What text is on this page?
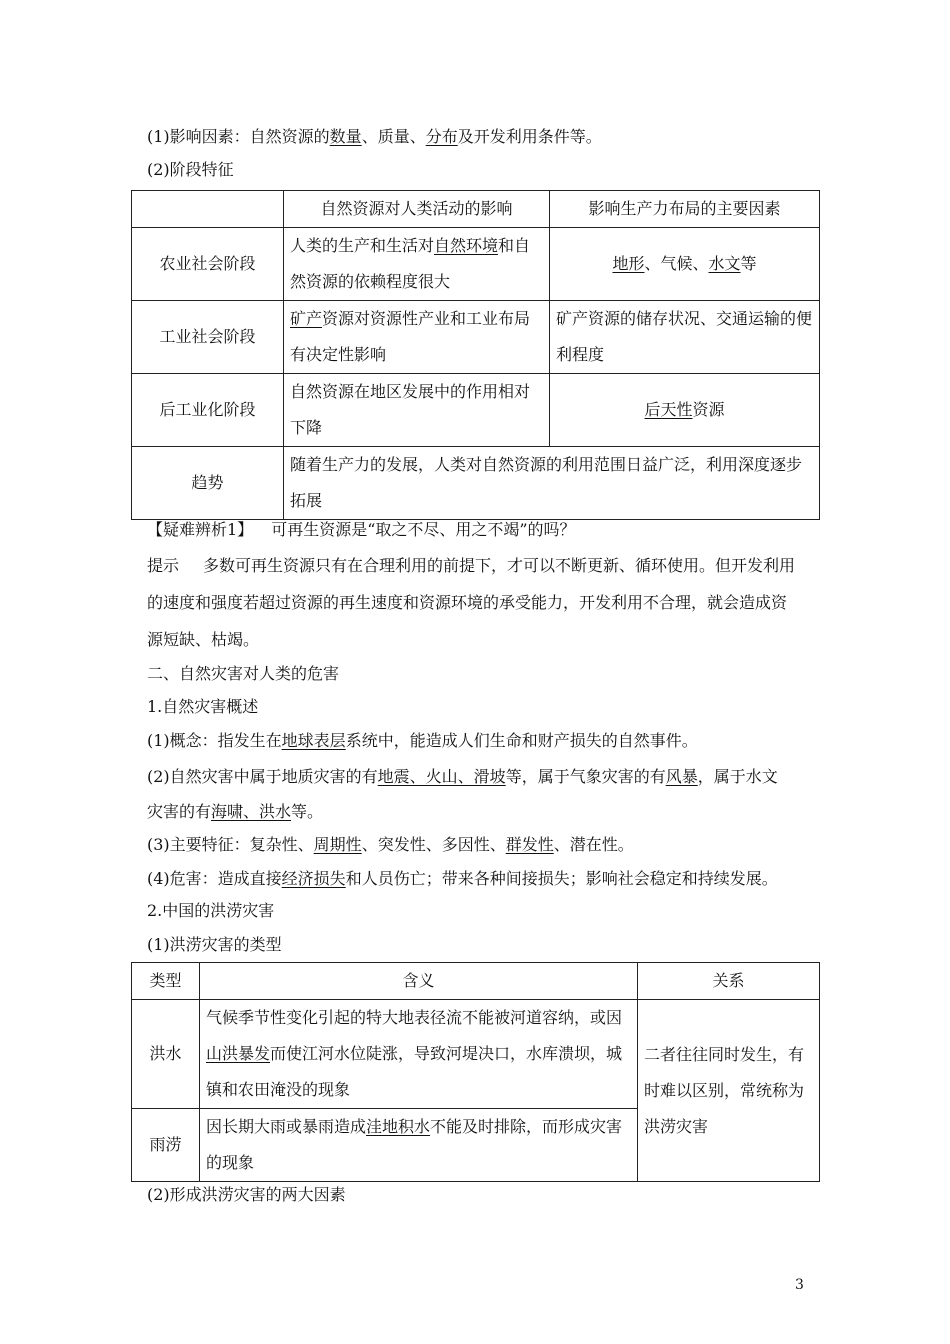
(1)影响因素：自然资源的数量、质量、分布及开发利用条件等。
(2)阶段特征
	自然资源对人类活动的影响	影响生产力布局的主要因素
农业社会阶段	人类的生产和生活对自然环境和自然资源的依赖程度很大	地形、气候、水文等
工业社会阶段	矿产资源对资源性产业和工业布局有决定性影响	矿产资源的储存状况、交通运输的便利程度
后工业化阶段	自然资源在地区发展中的作用相对下降	后天性资源
趋势	随着生产力的发展，人类对自然资源的利用范围日益广泛，利用深度逐步拓展	
【疑难辨析1】 可再生资源是“取之不尽、用之不竭”的吗？
提示 多数可再生资源只有在合理利用的前提下，才可以不断更新、循环使用。但开发利用
的速度和强度若超过资源的再生速度和资源环境的承受能力，开发利用不合理，就会造成资
源短缺、枯竭。
二、自然灾害对人类的危害
1.自然灾害概述
(1)概念：指发生在地球表层系统中，能造成人们生命和财产损失的自然事件。
(2)自然灾害中属于地质灾害的有地震、火山、滑坡等，属于气象灾害的有风暴，属于水文
灾害的有海啸、洪水等。
(3)主要特征：复杂性、周期性、突发性、多因性、群发性、潜在性。
(4)危害：造成直接经济损失和人员伤亡；带来各种间接损失；影响社会稳定和持续发展。
2.中国的洪涝灾害
(1)洪涝灾害的类型
类型	含义	关系
洪水	气候季节性变化引起的特大地表径流不能被河道容纳，或因山洪暴发而使江河水位陡涨，导致河堤决口，水库溃坝，城镇和农田淹没的现象	二者往往同时发生，有时难以区别，常统称为洪涝灾害
雨涝	因长期大雨或暴雨造成洼地积水不能及时排除，而形成灾害的现象	
(2)形成洪涝灾害的两大因素
3
